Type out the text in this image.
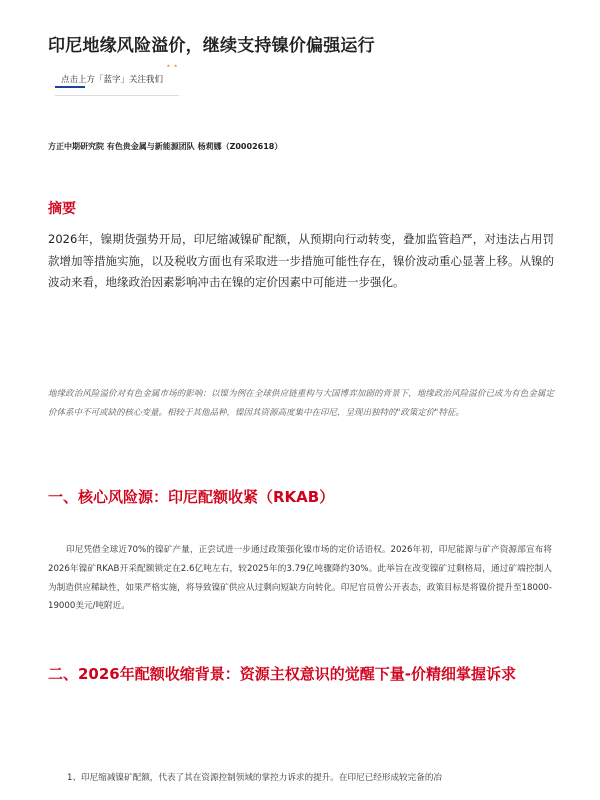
印尼地缘风险溢价，继续支持镍价偏强运行
• •
点击上方「蓝字」关注我们
方正中期研究院 有色贵金属与新能源团队 杨莉娜（Z0002618）
摘要

2026年，镍期货强势开局，印尼缩减镍矿配额，从预期向行动转变，叠加监管趋严，对违法占用罚款增加等措施实施，以及税收方面也有采取进一步措施可能性存在，镍价波动重心显著上移。从镍的波动来看，地缘政治因素影响冲击在镍的定价因素中可能进一步强化。

地缘政治风险溢价对有色金属市场的影响：以镍为例在全球供应链重构与大国博弈加剧的背景下，地缘政治风险溢价已成为有色金属定价体系中不可或缺的核心变量。相较于其他品种，镍因其资源高度集中在印尼，呈现出独特的"政策定价"特征。

一、核心风险源：印尼配额收紧（RKAB）

印尼凭借全球近70%的镍矿产量，正尝试进一步通过政策强化镍市场的定价话语权。2026年初，印尼能源与矿产资源部宣布将2026年镍矿RKAB开采配额锁定在2.6亿吨左右，较2025年的3.79亿吨骤降约30%。此举旨在改变镍矿过剩格局，通过矿端控制人为制造供应稀缺性，如果严格实施，将导致镍矿供应从过剩向短缺方向转化。印尼官员曾公开表态，政策目标是将镍价提升至18000-19000美元/吨附近。

二、2026年配额收缩背景：资源主权意识的觉醒下量-价精细掌握诉求

1、印尼缩减镍矿配额，代表了其在资源控制领域的掌控力诉求的提升。在印尼已经形成较完备的冶
